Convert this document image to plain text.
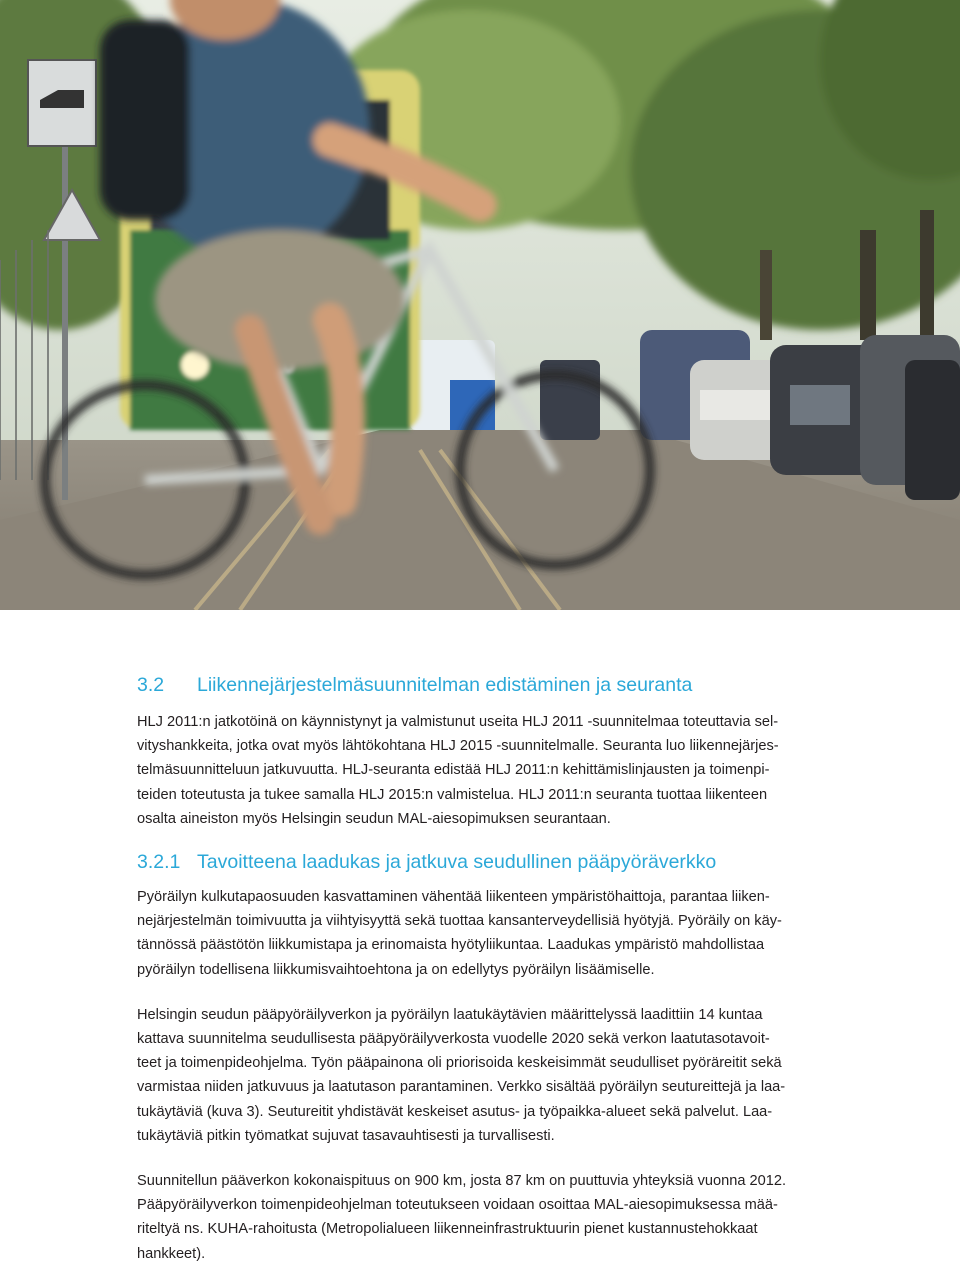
3.2	Liikennejärjestelmäsuunnitelman edistäminen ja seuranta

HLJ 2011:n jatkotöinä on käynnistynyt ja valmistunut useita HLJ 2011 -suunnitelmaa toteuttavia sel-
vityshankkeita, jotka ovat myös lähtökohtana HLJ 2015 -suunnitelmalle. Seuranta luo liikennejärjes-
telmäsuunnitteluun jatkuvuutta. HLJ-seuranta edistää HLJ 2011:n kehittämislinjausten ja toimenpi-
teiden toteutusta ja tukee samalla HLJ 2015:n valmistelua. HLJ 2011:n seuranta tuottaa liikenteen
osalta aineiston myös Helsingin seudun MAL-aiesopimuksen seurantaan.

3.2.1 Tavoitteena laadukas ja jatkuva seudullinen pääpyöräverkko

Pyöräilyn kulkutapaosuuden kasvattaminen vähentää liikenteen ympäristöhaittoja, parantaa liiken-
nejärjestelmän toimivuutta ja viihtyisyyttä sekä tuottaa kansanterveydellisiä hyötyjä. Pyöräily on käy-
tännössä päästötön liikkumistapa ja erinomaista hyötyliikuntaa. Laadukas ympäristö mahdollistaa
pyöräilyn todellisena liikkumisvaihtoehtona ja on edellytys pyöräilyn lisäämiselle.

Helsingin seudun pääpyöräilyverkon ja pyöräilyn laatukäytävien määrittelyssä laadittiin 14 kuntaa
kattava suunnitelma seudullisesta pääpyöräilyverkosta vuodelle 2020 sekä verkon laatutasotavoit-
teet ja toimenpideohjelma. Työn pääpainona oli priorisoida keskeisimmät seudulliset pyöräreitit sekä
varmistaa niiden jatkuvuus ja laatutason parantaminen. Verkko sisältää pyöräilyn seutureittejä ja laa-
tukäytäviä (kuva 3). Seutureitit yhdistävät keskeiset asutus- ja työpaikka-alueet sekä palvelut. Laa-
tukäytäviä pitkin työmatkat sujuvat tasavauhtisesti ja turvallisesti.

Suunnitellun pääverkon kokonaispituus on 900 km, josta 87 km on puuttuvia yhteyksiä vuonna 2012.
Pääpyöräilyverkon toimenpideohjelman toteutukseen voidaan osoittaa MAL-aiesopimuksessa mää-
riteltyä ns. KUHA-rahoitusta (Metropolialueen liikenneinfrastruktuurin pienet kustannustehokkaat
hankkeet).
